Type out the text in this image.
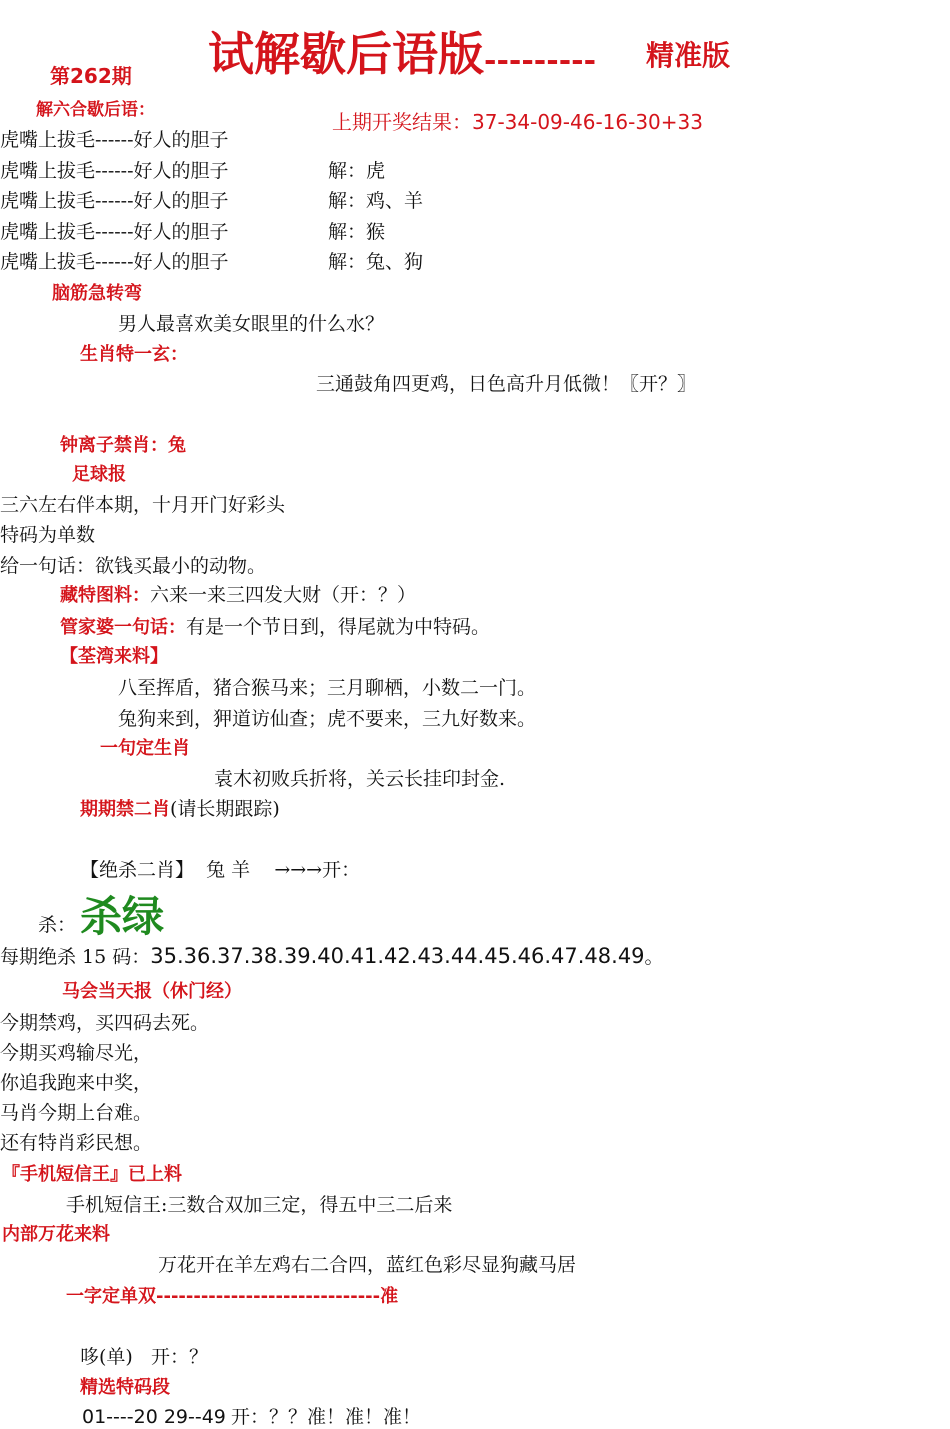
试解歇后语版--------- 精准版
第262期
解六合歇后语：	上期开奖结果：37-34-09-46-16-30+33
虎嘴上拔毛------好人的胆子
虎嘴上拔毛------好人的胆子	解：虎
虎嘴上拔毛------好人的胆子	解：鸡、羊
虎嘴上拔毛------好人的胆子	解：猴
虎嘴上拔毛------好人的胆子	解：兔、狗
脑筋急转弯
男人最喜欢美女眼里的什么水？
生肖特一玄：
三通鼓角四更鸡，日色高升月低微！〖开？〗
钟离子禁肖：兔
足球报
三六左右伴本期，十月开门好彩头
特码为单数
给一句话：欲钱买最小的动物。
藏特图料：六来一来三四发大财（开：？）
管家婆一句话：有是一个节日到，得尾就为中特码。
【荃湾来料】
八至挥盾，猪合猴马来；三月聊栖，小数二一门。
兔狗来到，狎道访仙查；虎不要来，三九好数来。
一句定生肖
袁木初败兵折将，关云长挂印封金.
期期禁二肖(请长期跟踪)
【绝杀二肖】 兔 羊 →→→开：
杀： 杀绿
每期绝杀 15 码：35.36.37.38.39.40.41.42.43.44.45.46.47.48.49。
马会当天报（休门经）
今期禁鸡，买四码去死。
今期买鸡输尽光，
你追我跑来中奖，
马肖今期上台难。
还有特肖彩民想。
『手机短信王』已上料
手机短信王:三数合双加三定，得五中三二后来
内部万花来料
万花开在羊左鸡右二合四，蓝红色彩尽显狗藏马居
一字定单双------------------------------准
哆(单) 开：？
精选特码段
01----20 29--49 开：？？准！准！准！
